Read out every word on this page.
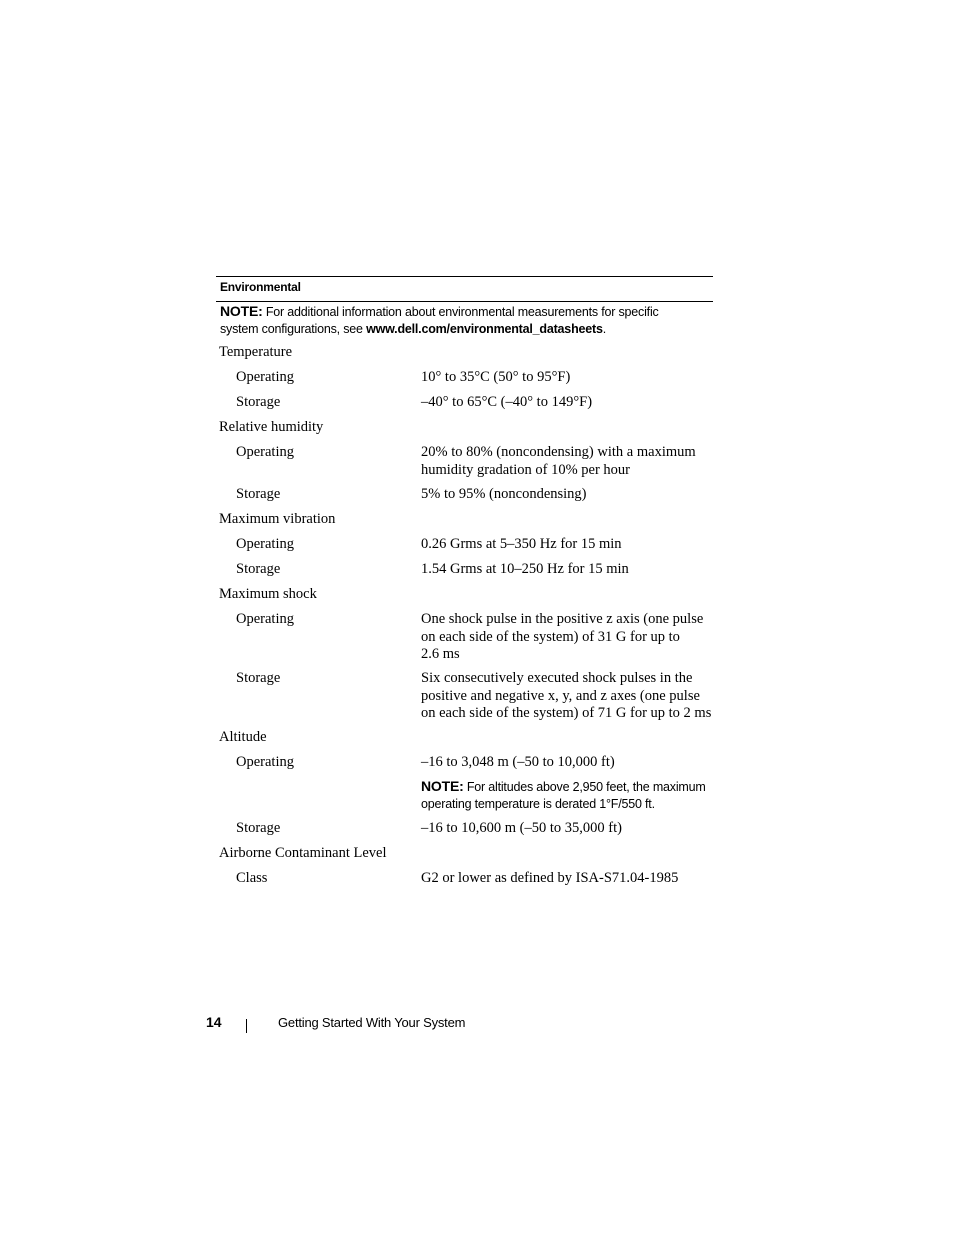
Environmental
NOTE: For additional information about environmental measurements for specific
system configurations, see www.dell.com/environmental_datasheets.
Temperature
Operating	10° to 35°C (50° to 95°F)
Storage	–40° to 65°C (–40° to 149°F)
Relative humidity
Operating	20% to 80% (noncondensing) with a maximum
humidity gradation of 10% per hour
Storage	5% to 95% (noncondensing)
Maximum vibration
Operating	0.26 Grms at 5–350 Hz for 15 min
Storage	1.54 Grms at 10–250 Hz for 15 min
Maximum shock
Operating	One shock pulse in the positive z axis (one pulse
on each side of the system) of 31 G for up to
2.6 ms
Storage	Six consecutively executed shock pulses in the
positive and negative x, y, and z axes (one pulse
on each side of the system) of 71 G for up to 2 ms
Altitude
Operating	–16 to 3,048 m (–50 to 10,000 ft)
NOTE: For altitudes above 2,950 feet, the maximum
operating temperature is derated 1°F/550 ft.
Storage	–16 to 10,600 m (–50 to 35,000 ft)
Airborne Contaminant Level
Class	G2 or lower as defined by ISA-S71.04-1985
14	Getting Started With Your System
